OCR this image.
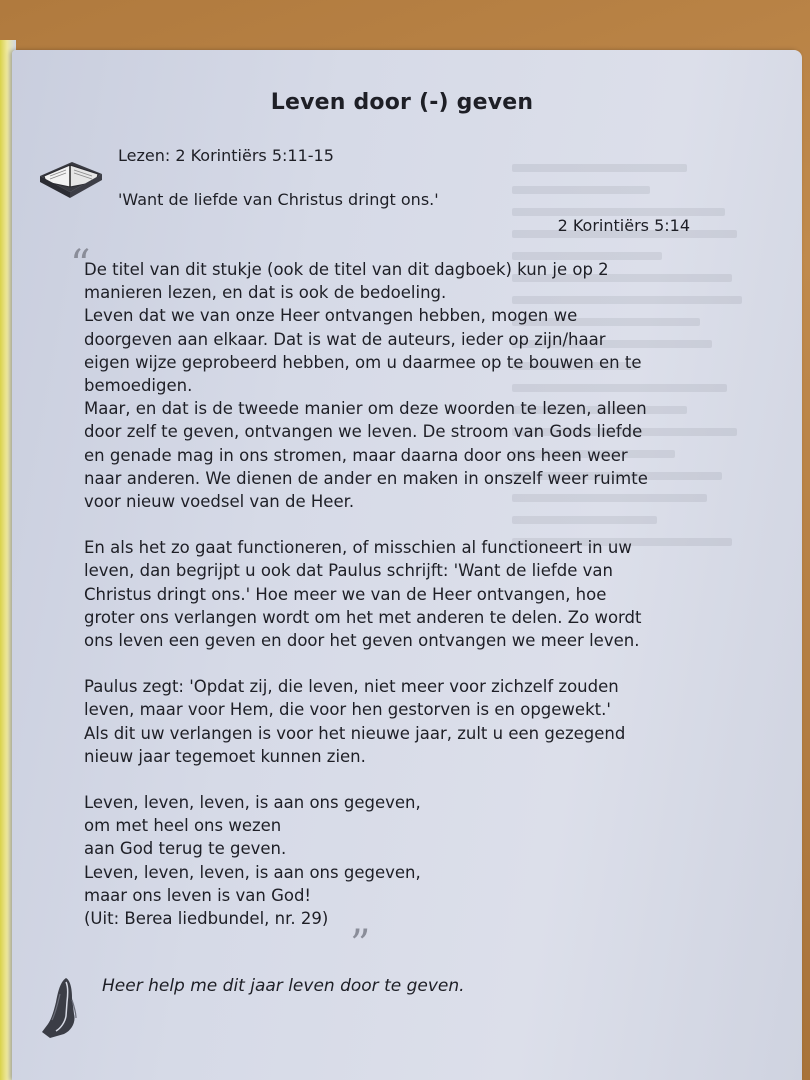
Leven door (-) geven
Lezen: 2 Korintiërs 5:11-15
'Want de liefde van Christus dringt ons.'
2 Korintiërs 5:14
“
De titel van dit stukje (ook de titel van dit dagboek) kun je op 2
manieren lezen, en dat is ook de bedoeling.
Leven dat we van onze Heer ontvangen hebben, mogen we
doorgeven aan elkaar. Dat is wat de auteurs, ieder op zijn/haar
eigen wijze geprobeerd hebben, om u daarmee op te bouwen en te
bemoedigen.
Maar, en dat is de tweede manier om deze woorden te lezen, alleen
door zelf te geven, ontvangen we leven. De stroom van Gods liefde
en genade mag in ons stromen, maar daarna door ons heen weer
naar anderen. We dienen de ander en maken in onszelf weer ruimte
voor nieuw voedsel van de Heer.
En als het zo gaat functioneren, of misschien al functioneert in uw
leven, dan begrijpt u ook dat Paulus schrijft: 'Want de liefde van
Christus dringt ons.' Hoe meer we van de Heer ontvangen, hoe
groter ons verlangen wordt om het met anderen te delen. Zo wordt
ons leven een geven en door het geven ontvangen we meer leven.
Paulus zegt: 'Opdat zij, die leven, niet meer voor zichzelf zouden
leven, maar voor Hem, die voor hen gestorven is en opgewekt.'
Als dit uw verlangen is voor het nieuwe jaar, zult u een gezegend
nieuw jaar tegemoet kunnen zien.
Leven, leven, leven, is aan ons gegeven,
om met heel ons wezen
aan God terug te geven.
Leven, leven, leven, is aan ons gegeven,
maar ons leven is van God!
(Uit: Berea liedbundel, nr. 29)
”
Heer help me dit jaar leven door te geven.
